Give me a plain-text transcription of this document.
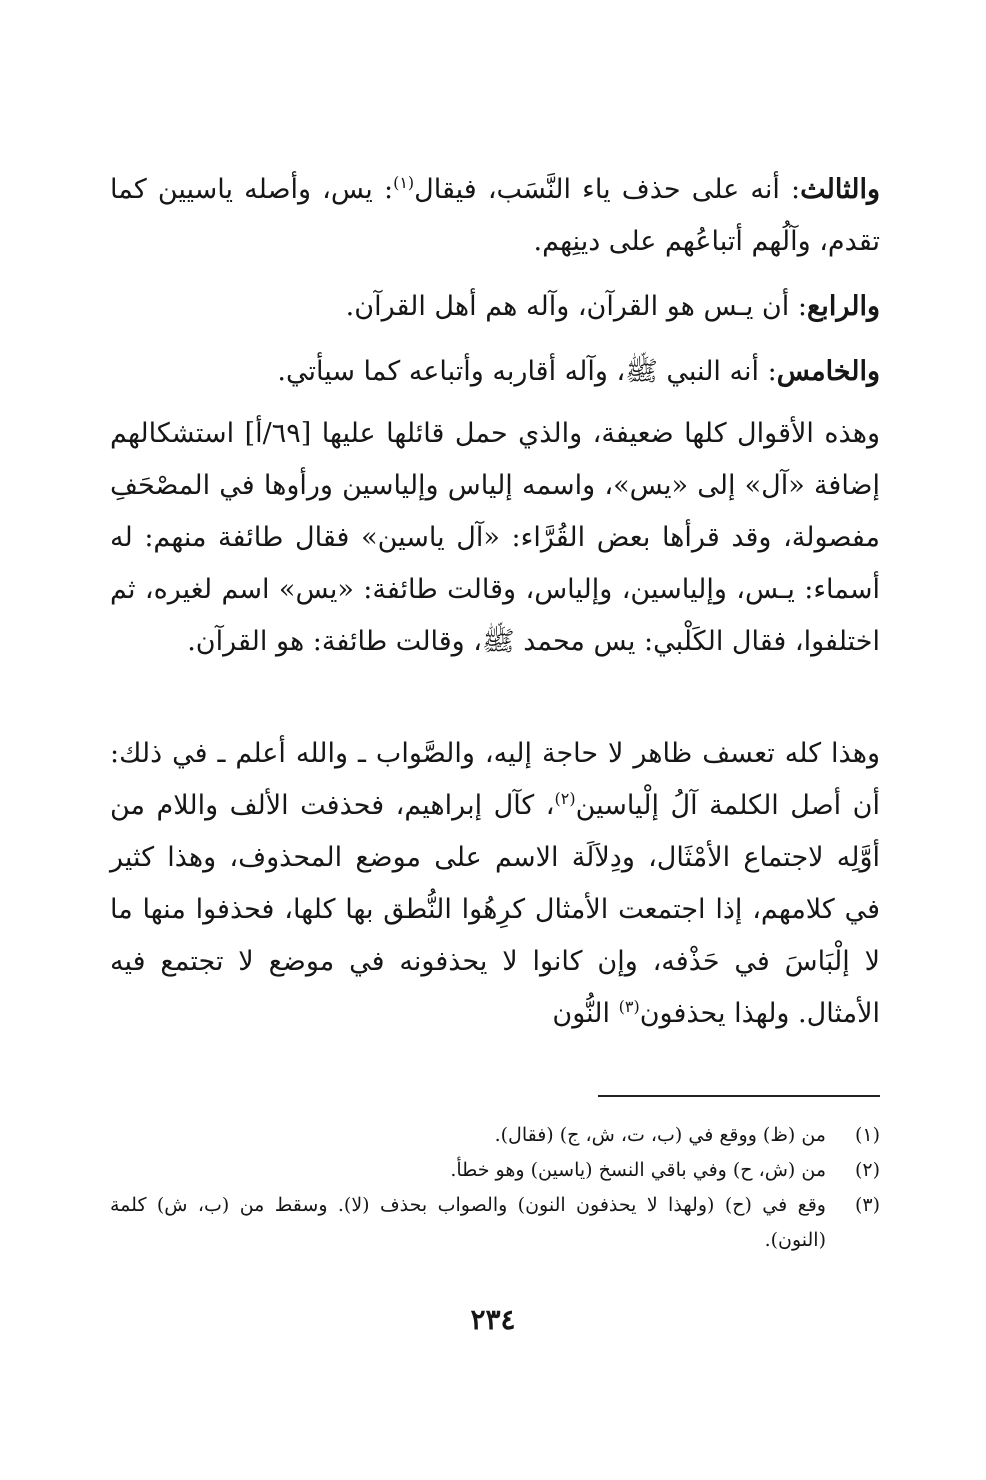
والثالث: أنه على حذف ياء النَّسَب، فيقال$^{(١)}$: يس، وأصله ياسيين كما تقدم، وآلُهم أتباعُهم على دينِهم.

والرابع: أن يـس هو القرآن، وآله هم أهل القرآن.

والخامس: أنه النبي ﷺ، وآله أقاربه وأتباعه كما سيأتي.

وهذه الأقوال كلها ضعيفة، والذي حمل قائلها عليها [٦٩/أ] استشكالهم إضافة «آل» إلى «يس»، واسمه إلياس وإلياسين ورأوها في المصْحَفِ مفصولة، وقد قرأها بعض القُرَّاء: «آل ياسين» فقال طائفة منهم: له أسماء: يـس، وإلياسين، وإلياس، وقالت طائفة: «يس» اسم لغيره، ثم اختلفوا، فقال الكَلْبي: يس محمد ﷺ، وقالت طائفة: هو القرآن.

وهذا كله تعسف ظاهر لا حاجة إليه، والصَّواب ـ والله أعلم ـ في ذلك: أن أصل الكلمة آلُ إلْياسين$^{(٢)}$، كآل إبراهيم، فحذفت الألف واللام من أوَّلِه لاجتماع الأمْثَال، ودِلاَلَة الاسم على موضع المحذوف، وهذا كثير في كلامهم، إذا اجتمعت الأمثال كرِهُوا النُّطق بها كلها، فحذفوا منها ما لا إلْبَاسَ في حَذْفه، وإن كانوا لا يحذفونه في موضع لا تجتمع فيه الأمثال. ولهذا يحذفون$^{(٣)}$ النُّون

(١)
من (ظ) ووقع في (ب، ت، ش، ج) (فقال).
(٢)
من (ش، ح) وفي باقي النسخ (ياسين) وهو خطأ.
(٣)
وقع في (ح) (ولهذا لا يحذفون النون) والصواب بحذف (لا). وسقط من (ب، ش) كلمة (النون).
٢٣٤
